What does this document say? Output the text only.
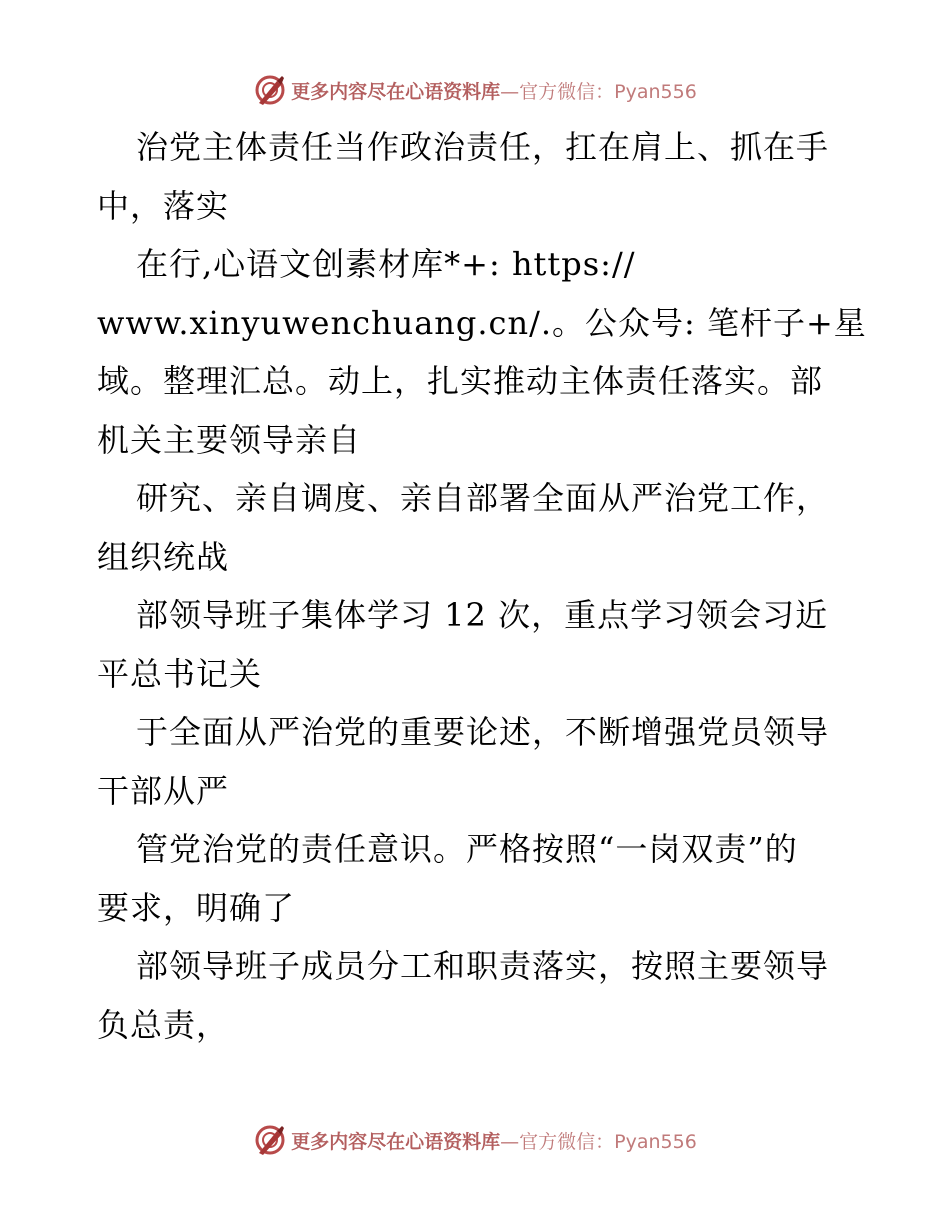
更多内容尽在心语资料库—官方微信：Pyan556
治党主体责任当作政治责任，扛在肩上、抓在手
中，落实
在行,心语文创素材库*+: https://
www.xinyuwenchuang.cn/.。公众号: 笔杆子+星
域。整理汇总。动上，扎实推动主体责任落实。部
机关主要领导亲自
研究、亲自调度、亲自部署全面从严治党工作，
组织统战
部领导班子集体学习 12 次，重点学习领会习近
平总书记关
于全面从严治党的重要论述，不断增强党员领导
干部从严
管党治党的责任意识。严格按照“一岗双责”的
要求，明确了
部领导班子成员分工和职责落实，按照主要领导
负总责，
更多内容尽在心语资料库—官方微信：Pyan556
